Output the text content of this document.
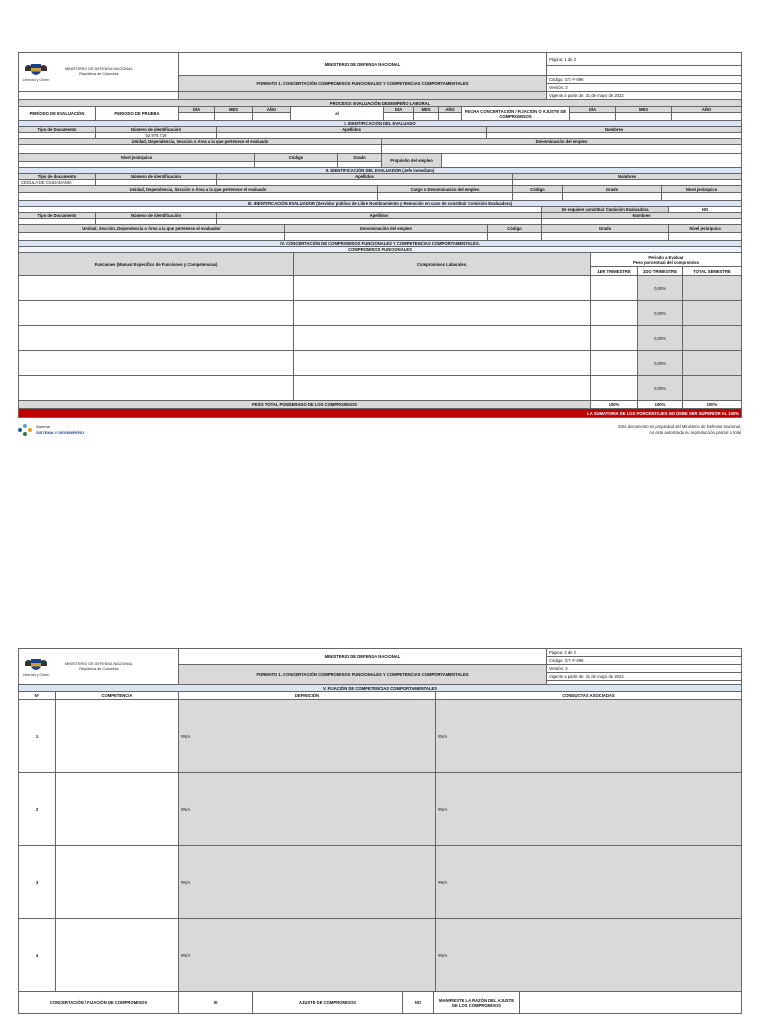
Libertad y Orden
MINISTERIO DE DEFENSA NACIONAL
República de Colombia	MINISTERIO DE DEFENSA NACIONAL	Página: 1 de 2

	FORMATO 1. CONCERTACIÓN COMPROMISOS FUNCIONALES Y COMPETENCIAS COMPORTAMENTALES	Código: GT.-F-096
		Versión: 3
		Vigente a partir de: 31 de mayo de 2022
PROCESO: EVALUACIÓN DESEMPEÑO LABORAL												
PERÍODO DE EVALUACIÓN	PERIODO DE PRUEBA	DÍA	MES	AÑO	al	DÍA	MES	AÑO	FECHA CONCERTACIÓN / FIJACIÓN O AJUSTE DE COMPROMISOS	DÍA	MES	AÑO

I. IDENTIFICACIÓN DEL EVALUADO							
Tipo de Documento	Número de identificación	Apellidos					Nombres
	52.979.719						
Unidad, Dependencia, Sección o Área a la que pertenece el evaluado					Denominación del empleo		

Nivel jerárquico			Código	Grado	Propósito del empleo		

II. IDENTIFICACIÓN DEL EVALUADOR (Jefe inmediato)						
Tipo de documento	Número de identificación	Apellidos		Nombres		
CÉDULA DE CIUDADANIA						
Unidad, Dependencia, Sección o Área a la que pertenece el evaluado			Cargo o Denominación del empleo	Código	Grado	Nivel jerárquico

III. IDENTIFICACIÓN EVALUADOR (Servidor público de Libre Nombramiento y Remoción en caso de constituir Comisión Evaluadora)						
					Se requiere constituir Comisión Evaluadora	NO
Tipo de Documento	Número de identificación	Apellidos			Nombres	

Unidad, Sección, Dependencia o Área a la que pertenece el evaluador			Denominación del empleo	Código	Grado	Nivel jerárquico

IV. CONCERTACIÓN DE COMPROMISOS FUNCIONALES Y COMPETENCIAS COMPORTAMENTALES.				
COMPROMISOS FUNCIONALES				
Funciones (Manual Específico de Funciones y Competencias)	Compromisos Laborales.	Periodo a Evaluar
Peso porcentual del compromiso		

		1ER TRIMESTRE	2DO TRIMESTRE	TOTAL SEMESTRE
			0,00%	
			0,00%	
			0,00%	
			0,00%	
			0,00%	
PESO TOTAL PONDERADO DE LOS COMPROMISOS		100%	100%	100%
LA SUMATORIA DE LOS PORCENTAJES NO DEBE SER SUPERIOR AL 100%				
Sistema
SISTEMA Y DESEMPEÑO
Este documento es propiedad del Ministerio de Defensa Nacional,
no está autorizada su reproducción parcial o total
Libertad y Orden
MINISTERIO DE DEFENSA NACIONAL
República de Colombia	MINISTERIO DE DEFENSA NACIONAL	Página: 2 de 2
		Código: GT.-F-096
	FORMATO 1. CONCERTACIÓN COMPROMISOS FUNCIONALES Y COMPETENCIAS COMPORTAMENTALES	Versión: 3
		Vigente a partir de: 31 de mayo de 2022

V. FIJACIÓN DE COMPETENCIAS COMPORTAMENTALES			
N°	COMPETENCIA	DEFINICIÓN	CONDUCTAS ASOCIADAS
1		#N/A	#N/A
2		#N/A	#N/A
3		#N/A	#N/A
4		#N/A	#N/A
CONCERTACIÓN / FIJACIÓN DE COMPROMISOS	SI	AJUSTE DE COMPROMISOS	NO	MANIFIESTE LA RAZÓN DEL AJUSTE DE LOS COMPROMISOS	
